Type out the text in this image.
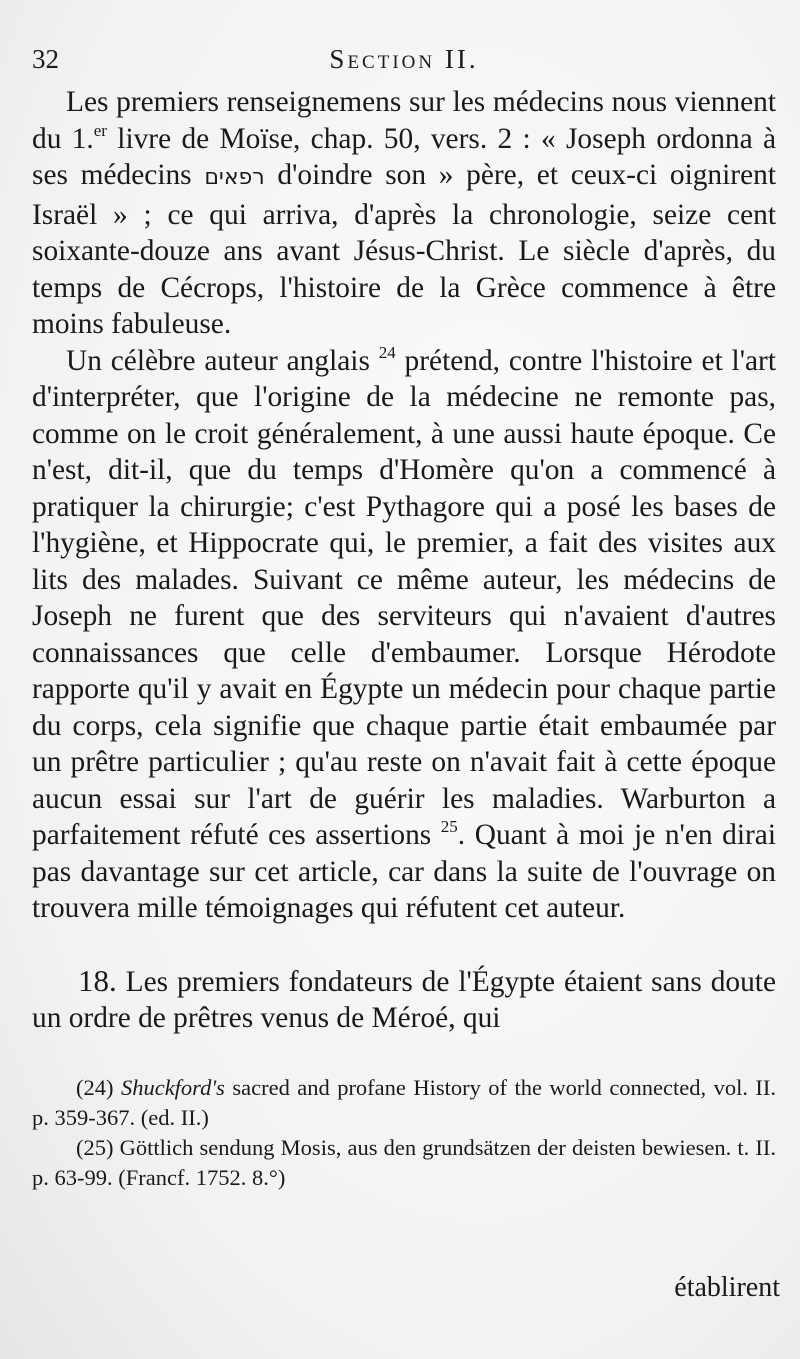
32	Section II.

Les premiers renseignemens sur les médecins nous viennent du 1.$^{er}$ livre de Moïse, chap. 50, vers. 2 : « Joseph ordonna à ses médecins רפאים d'oindre son » père, et ceux-ci oignirent Israël » ; ce qui arriva, d'après la chronologie, seize cent soixante-douze ans avant Jésus-Christ. Le siècle d'après, du temps de Cécrops, l'histoire de la Grèce commence à être moins fabuleuse.

Un célèbre auteur anglais $^{24}$ prétend, contre l'histoire et l'art d'interpréter, que l'origine de la médecine ne remonte pas, comme on le croit généralement, à une aussi haute époque. Ce n'est, dit-il, que du temps d'Homère qu'on a commencé à pratiquer la chirurgie; c'est Pythagore qui a posé les bases de l'hygiène, et Hippocrate qui, le premier, a fait des visites aux lits des malades. Suivant ce même auteur, les médecins de Joseph ne furent que des serviteurs qui n'avaient d'autres connaissances que celle d'embaumer. Lorsque Hérodote rapporte qu'il y avait en Égypte un médecin pour chaque partie du corps, cela signifie que chaque partie était embaumée par un prêtre particulier ; qu'au reste on n'avait fait à cette époque aucun essai sur l'art de guérir les maladies. Warburton a parfaitement réfuté ces assertions $^{25}$. Quant à moi je n'en dirai pas davantage sur cet article, car dans la suite de l'ouvrage on trouvera mille témoignages qui réfutent cet auteur.

18. Les premiers fondateurs de l'Égypte étaient sans doute un ordre de prêtres venus de Méroé, qui

(24) Shuckford's sacred and profane History of the world connected, vol. II. p. 359-367. (ed. II.)

(25) Göttlich sendung Mosis, aus den grundsätzen der deisten bewiesen. t. II. p. 63-99. (Francf. 1752. 8.°)

établirent
